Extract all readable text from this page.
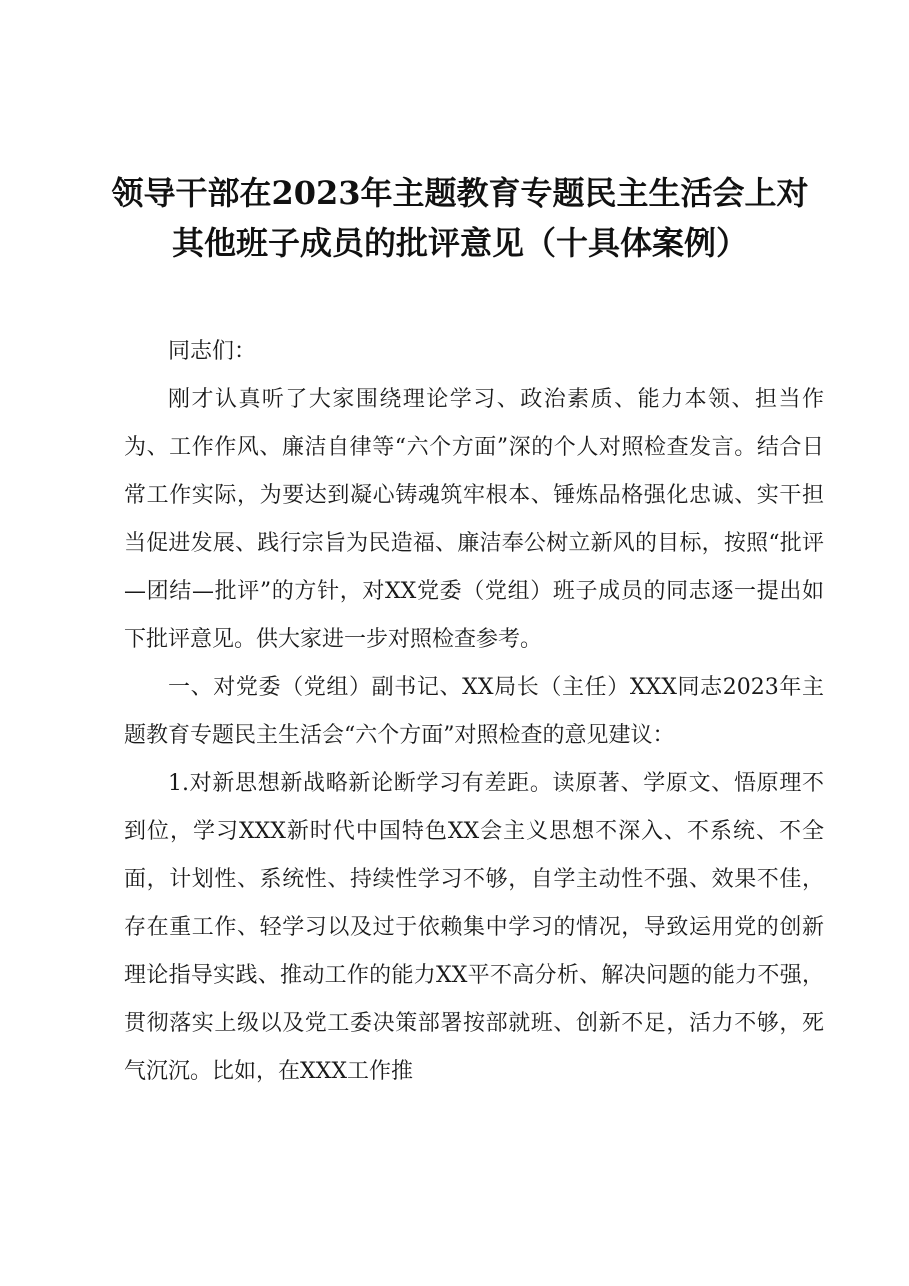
领导干部在2023年主题教育专题民主生活会上对
其他班子成员的批评意见（十具体案例）

同志们：

刚才认真听了大家围绕理论学习、政治素质、能力本领、担当作为、工作作风、廉洁自律等“六个方面”深的个人对照检查发言。结合日常工作实际，为要达到凝心铸魂筑牢根本、锤炼品格强化忠诚、实干担当促进发展、践行宗旨为民造福、廉洁奉公树立新风的目标，按照“批评—团结—批评”的方针，对XX党委（党组）班子成员的同志逐一提出如下批评意见。供大家进一步对照检查参考。

一、对党委（党组）副书记、XX局长（主任）XXX同志2023年主题教育专题民主生活会“六个方面”对照检查的意见建议：

1.对新思想新战略新论断学习有差距。读原著、学原文、悟原理不到位，学习XXX新时代中国特色XX会主义思想不深入、不系统、不全面，计划性、系统性、持续性学习不够，自学主动性不强、效果不佳，存在重工作、轻学习以及过于依赖集中学习的情况，导致运用党的创新理论指导实践、推动工作的能力XX平不高分析、解决问题的能力不强，贯彻落实上级以及党工委决策部署按部就班、创新不足，活力不够，死气沉沉。比如，在XXX工作推
